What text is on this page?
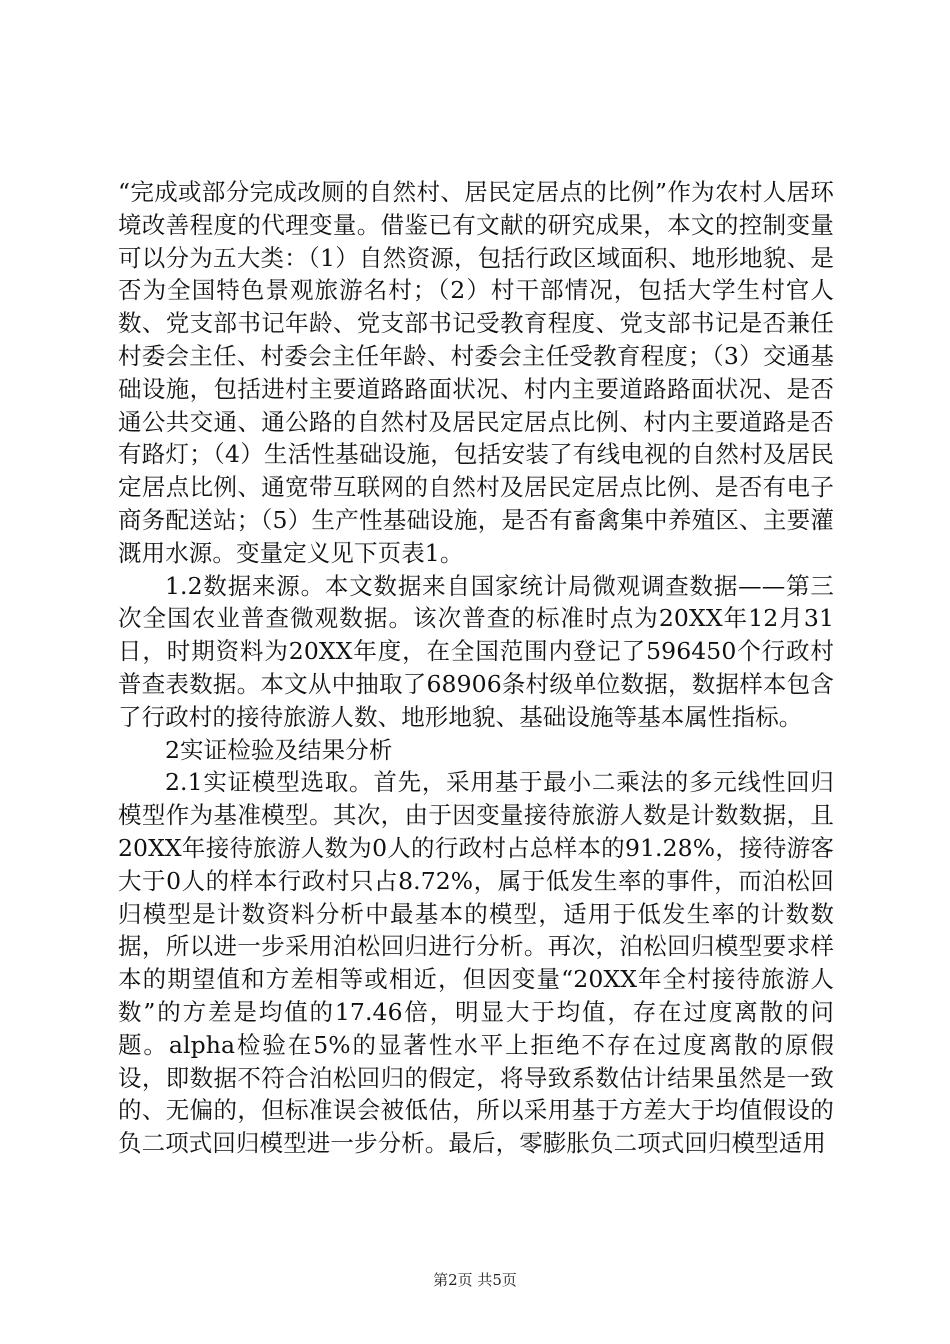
“完成或部分完成改厕的自然村、居民定居点的比例”作为农村人居环境改善程度的代理变量。借鉴已有文献的研究成果，本文的控制变量可以分为五大类：（1）自然资源，包括行政区域面积、地形地貌、是否为全国特色景观旅游名村；（2）村干部情况，包括大学生村官人数、党支部书记年龄、党支部书记受教育程度、党支部书记是否兼任村委会主任、村委会主任年龄、村委会主任受教育程度；（3）交通基础设施，包括进村主要道路路面状况、村内主要道路路面状况、是否通公共交通、通公路的自然村及居民定居点比例、村内主要道路是否有路灯；（4）生活性基础设施，包括安装了有线电视的自然村及居民定居点比例、通宽带互联网的自然村及居民定居点比例、是否有电子商务配送站；（5）生产性基础设施，是否有畜禽集中养殖区、主要灌溉用水源。变量定义见下页表1。

1.2数据来源。本文数据来自国家统计局微观调查数据——第三次全国农业普查微观数据。该次普查的标准时点为20XX年12月31日，时期资料为20XX年度，在全国范围内登记了596450个行政村普查表数据。本文从中抽取了68906条村级单位数据，数据样本包含了行政村的接待旅游人数、地形地貌、基础设施等基本属性指标。

2实证检验及结果分析

2.1实证模型选取。首先，采用基于最小二乘法的多元线性回归模型作为基准模型。其次，由于因变量接待旅游人数是计数数据，且20XX年接待旅游人数为0人的行政村占总样本的91.28%，接待游客大于0人的样本行政村只占8.72%，属于低发生率的事件，而泊松回归模型是计数资料分析中最基本的模型，适用于低发生率的计数数据，所以进一步采用泊松回归进行分析。再次，泊松回归模型要求样本的期望值和方差相等或相近，但因变量“20XX年全村接待旅游人数”的方差是均值的17.46倍，明显大于均值，存在过度离散的问题。alpha检验在5%的显著性水平上拒绝不存在过度离散的原假设，即数据不符合泊松回归的假定，将导致系数估计结果虽然是一致的、无偏的，但标准误会被低估，所以采用基于方差大于均值假设的负二项式回归模型进一步分析。最后，零膨胀负二项式回归模型适用

第2页 共5页
